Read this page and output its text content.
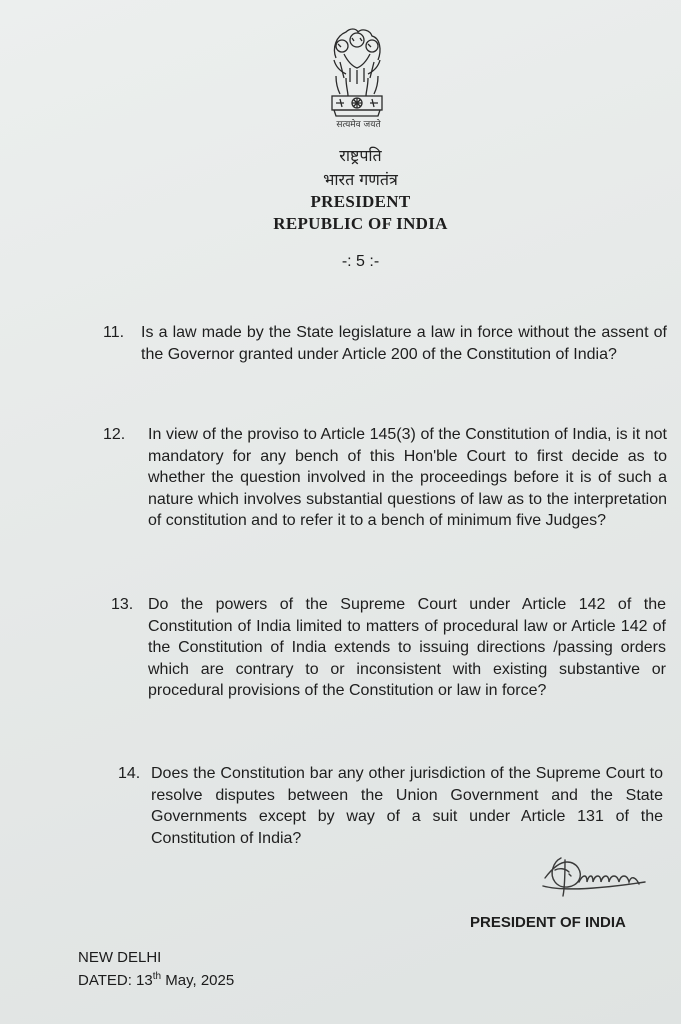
सत्यमेव जयते
राष्ट्रपति
भारत गणतंत्र
PRESIDENT
REPUBLIC OF INDIA
-: 5 :-
11. Is a law made by the State legislature a law in force without the assent of the Governor granted under Article 200 of the Constitution of India?
12. In view of the proviso to Article 145(3) of the Constitution of India, is it not mandatory for any bench of this Hon'ble Court to first decide as to whether the question involved in the proceedings before it is of such a nature which involves substantial questions of law as to the interpretation of constitution and to refer it to a bench of minimum five Judges?
13. Do the powers of the Supreme Court under Article 142 of the Constitution of India limited to matters of procedural law or Article 142 of the Constitution of India extends to issuing directions /passing orders which are contrary to or inconsistent with existing substantive or procedural provisions of the Constitution or law in force?
14. Does the Constitution bar any other jurisdiction of the Supreme Court to resolve disputes between the Union Government and the State Governments except by way of a suit under Article 131 of the Constitution of India?
PRESIDENT OF INDIA
NEW DELHI
DATED: 13th May, 2025
